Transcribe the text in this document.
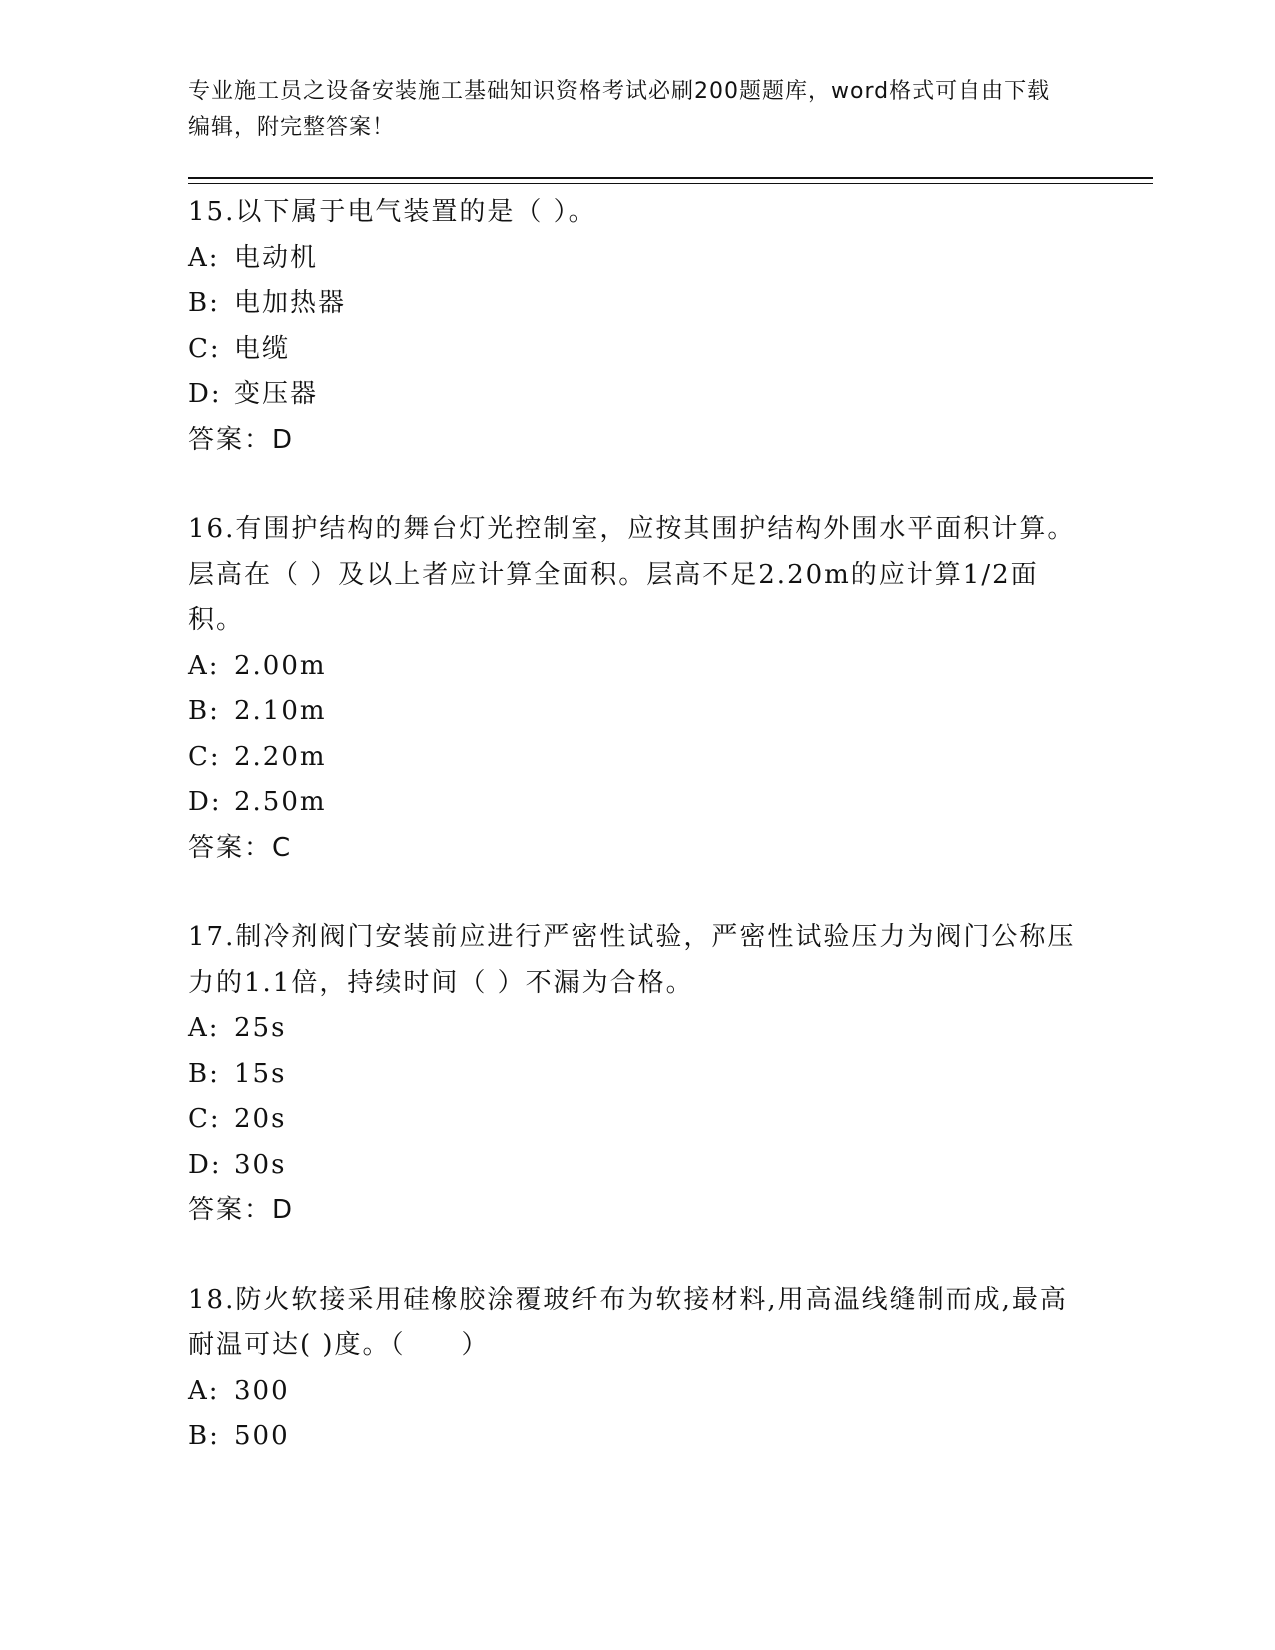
专业施工员之设备安装施工基础知识资格考试必刷200题题库，word格式可自由下载编辑，附完整答案！

15.以下属于电气装置的是（ ）。

A: 电动机

B: 电加热器

C: 电缆

D: 变压器

答案：D

16.有围护结构的舞台灯光控制室，应按其围护结构外围水平面积计算。层高在（ ）及以上者应计算全面积。层高不足2.20m的应计算1/2面积。

A: 2.00m

B: 2.10m

C: 2.20m

D: 2.50m

答案：C

17.制冷剂阀门安装前应进行严密性试验，严密性试验压力为阀门公称压力的1.1倍，持续时间（ ）不漏为合格。

A: 25s

B: 15s

C: 20s

D: 30s

答案：D

18.防火软接采用硅橡胶涂覆玻纤布为软接材料,用高温线缝制而成,最高耐温可达( )度。（　　）

A: 300

B: 500
